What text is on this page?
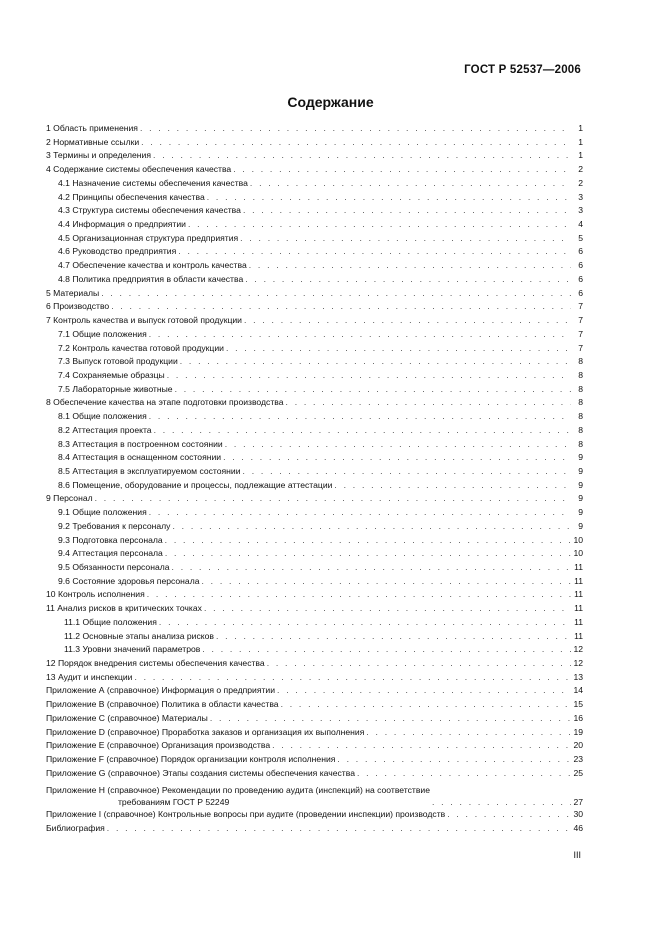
ГОСТ Р 52537—2006
Содержание
1 Область применения . . .	1
2 Нормативные ссылки . . .	1
3 Термины и определения . . .	1
4 Содержание системы обеспечения качества . . .	2
4.1 Назначение системы обеспечения качества . . .	2
4.2 Принципы обеспечения качества . . .	3
4.3 Структура системы обеспечения качества . . .	3
4.4 Информация о предприятии . . .	4
4.5 Организационная структура предприятия . . .	5
4.6 Руководство предприятия . . .	6
4.7 Обеспечение качества и контроль качества . . .	6
4.8 Политика предприятия в области качества . . .	6
5 Материалы . . .	6
6 Производство . . .	7
7 Контроль качества и выпуск готовой продукции . . .	7
7.1 Общие положения . . .	7
7.2 Контроль качества готовой продукции . . .	7
7.3 Выпуск готовой продукции . . .	8
7.4 Сохраняемые образцы . . .	8
7.5 Лабораторные животные . . .	8
8 Обеспечение качества на этапе подготовки производства . . .	8
8.1 Общие положения . . .	8
8.2 Аттестация проекта . . .	8
8.3 Аттестация в построенном состоянии . . .	8
8.4 Аттестация в оснащенном состоянии . . .	9
8.5 Аттестация в эксплуатируемом состоянии . . .	9
8.6 Помещение, оборудование и процессы, подлежащие аттестации . . .	9
9 Персонал . . .	9
9.1 Общие положения . . .	9
9.2 Требования к персоналу . . .	9
9.3 Подготовка персонала . . .	10
9.4 Аттестация персонала . . .	10
9.5 Обязанности персонала . . .	11
9.6 Состояние здоровья персонала . . .	11
10 Контроль исполнения . . .	11
11 Анализ рисков в критических точках . . .	11
11.1 Общие положения . . .	11
11.2 Основные этапы анализа рисков . . .	11
11.3 Уровни значений параметров . . .	12
12 Порядок внедрения системы обеспечения качества . . .	12
13 Аудит и инспекции . . .	13
Приложение А (справочное) Информация о предприятии . . .	14
Приложение В (справочное) Политика в области качества . . .	15
Приложение С (справочное) Материалы . . .	16
Приложение D (справочное) Проработка заказов и организация их выполнения . . .	19
Приложение Е (справочное) Организация производства . . .	20
Приложение F (справочное) Порядок организации контроля исполнения . . .	23
Приложение G (справочное) Этапы создания системы обеспечения качества . . .	25
Приложение Н (справочное) Рекомендации по проведению аудита (инспекций) на соответствие
требованиям ГОСТ Р 52249 . . .	27
Приложение I (справочное) Контрольные вопросы при аудите (проведении инспекции) производств . . .	30
Библиография . . .	46
III
